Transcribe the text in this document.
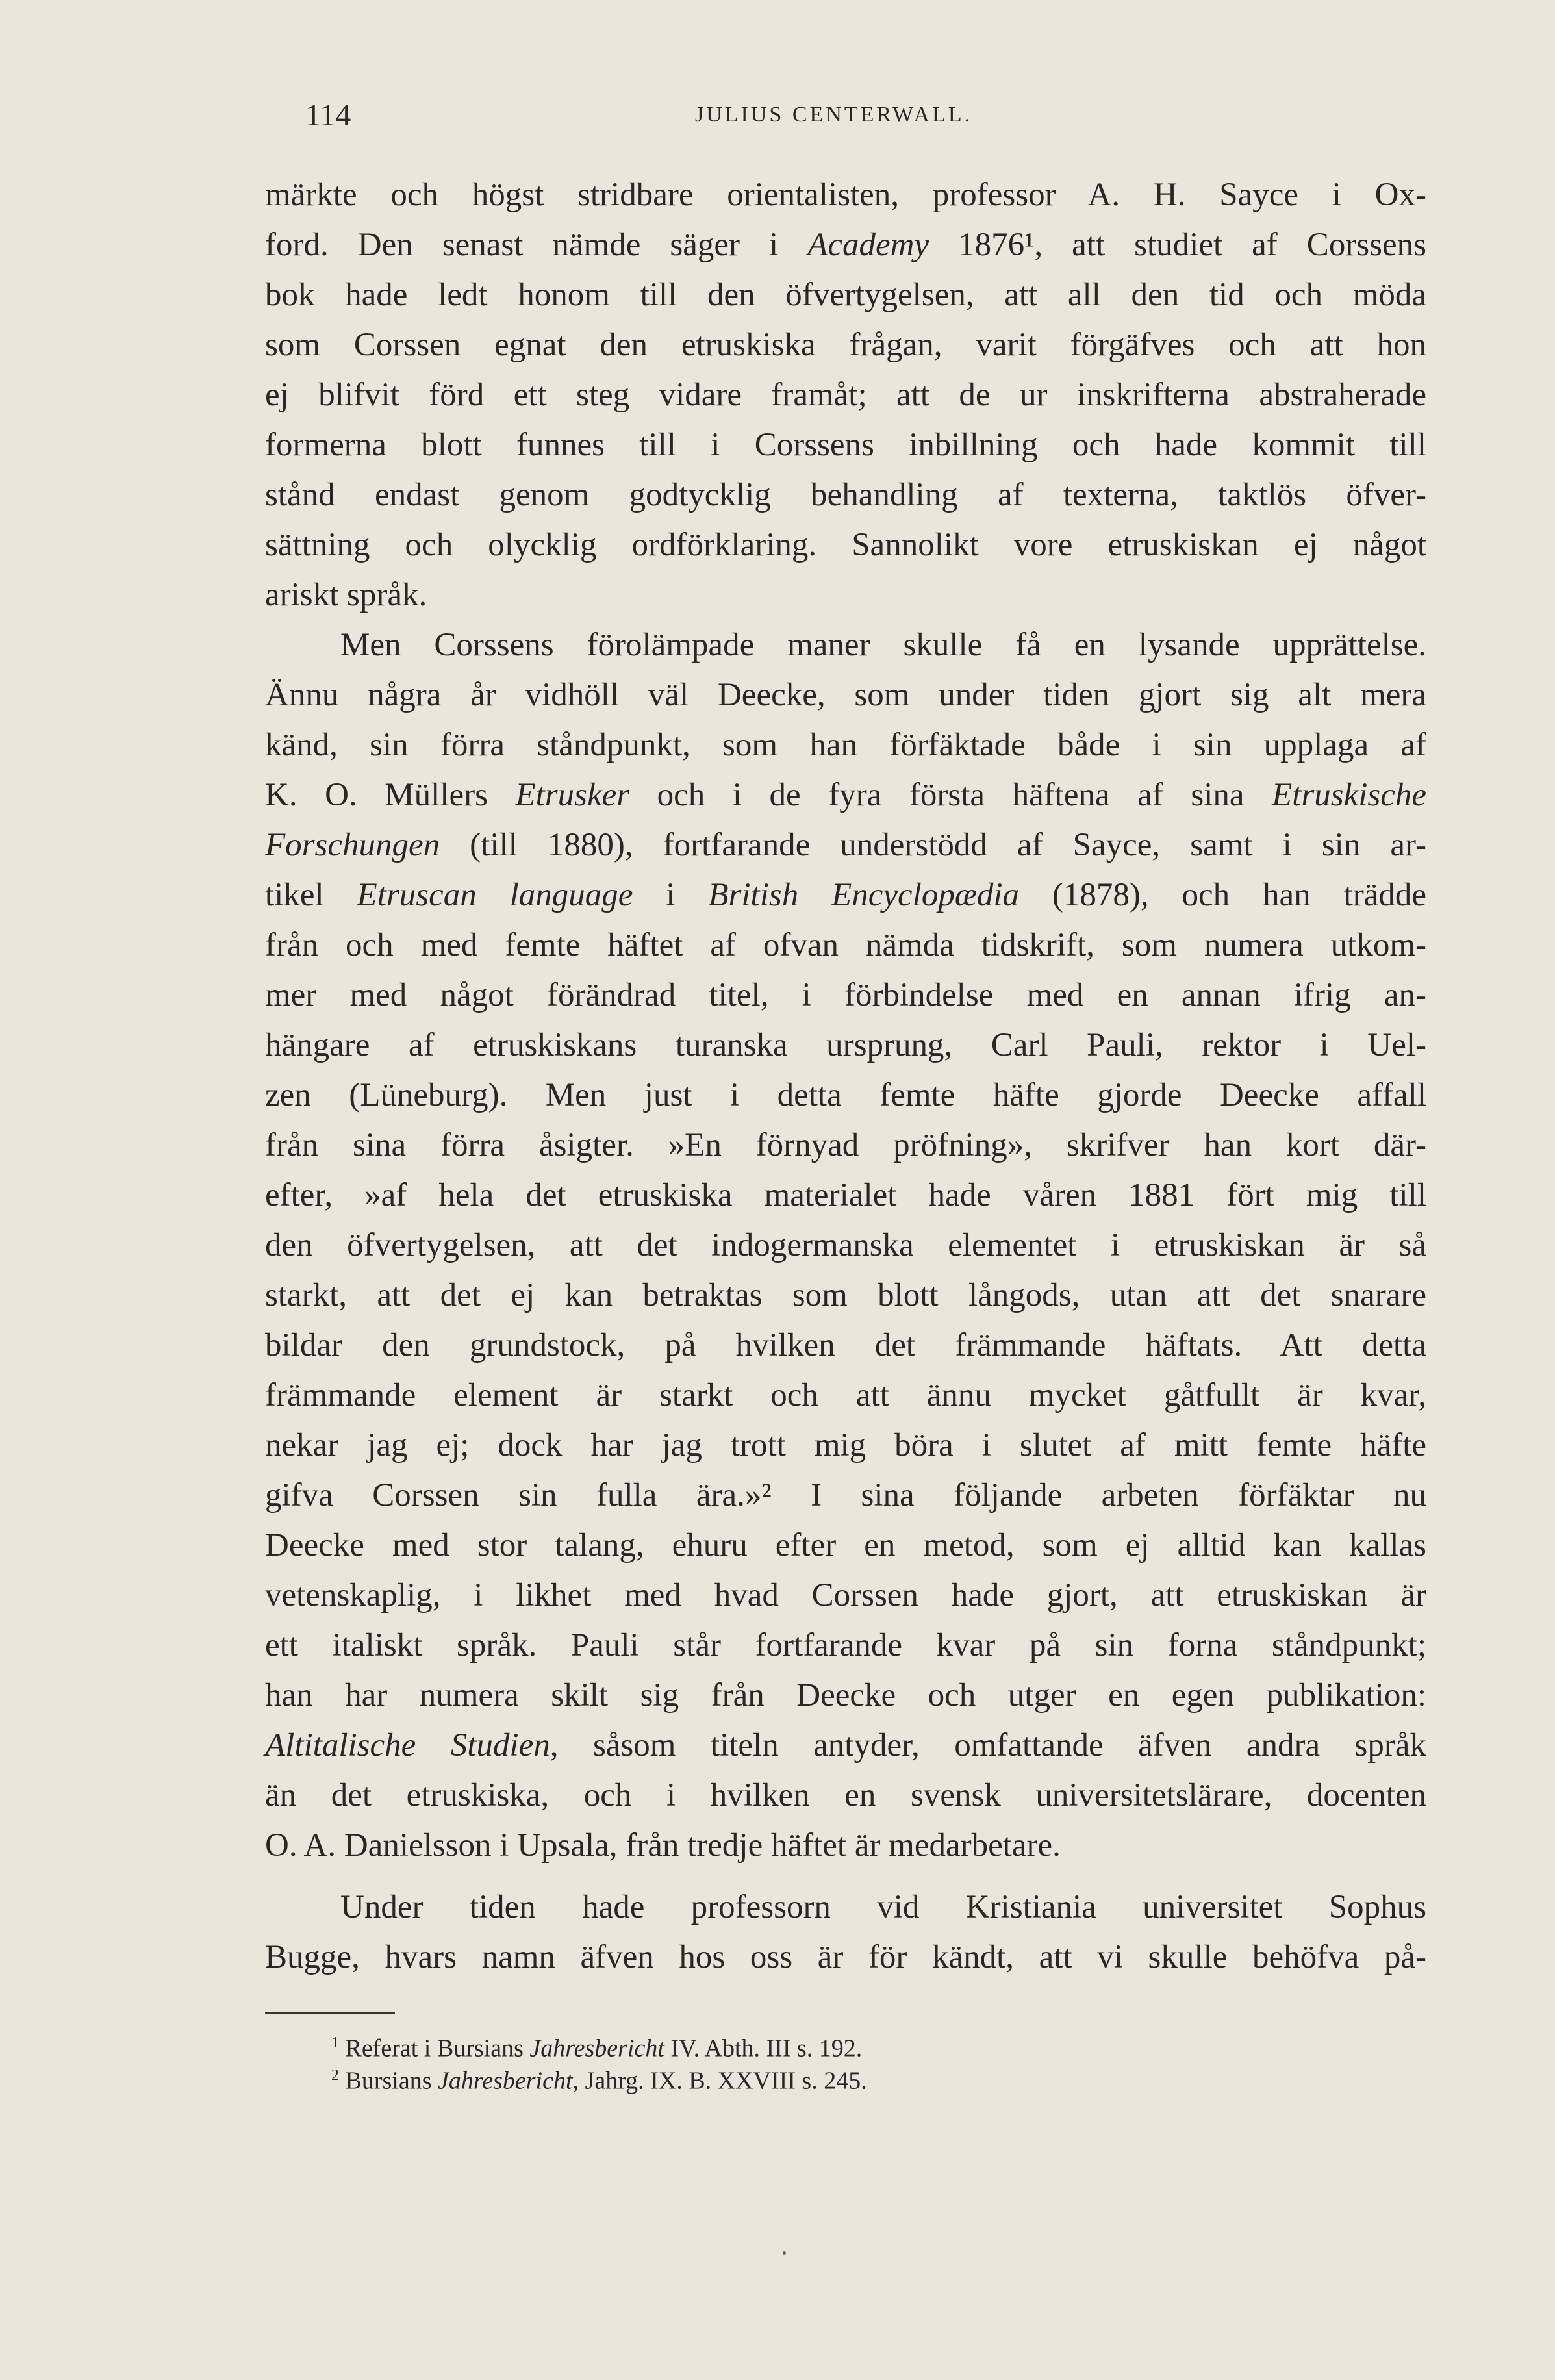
114	JULIUS CENTERWALL.
märkte och högst stridbare orientalisten, professor A. H. Sayce i Ox-
ford. Den senast nämde säger i Academy 1876¹, att studiet af Corssens
bok hade ledt honom till den öfvertygelsen, att all den tid och möda
som Corssen egnat den etruskiska frågan, varit förgäfves och att hon
ej blifvit förd ett steg vidare framåt; att de ur inskrifterna abstraherade
formerna blott funnes till i Corssens inbillning och hade kommit till
stånd endast genom godtycklig behandling af texterna, taktlös öfver-
sättning och olycklig ordförklaring. Sannolikt vore etruskiskan ej något
ariskt språk.
Men Corssens förolämpade maner skulle få en lysande upprättelse.
Ännu några år vidhöll väl Deecke, som under tiden gjort sig alt mera
känd, sin förra ståndpunkt, som han förfäktade både i sin upplaga af
K. O. Müllers Etrusker och i de fyra första häftena af sina Etruskische
Forschungen (till 1880), fortfarande understödd af Sayce, samt i sin ar-
tikel Etruscan language i British Encyclopædia (1878), och han trädde
från och med femte häftet af ofvan nämda tidskrift, som numera utkom-
mer med något förändrad titel, i förbindelse med en annan ifrig an-
hängare af etruskiskans turanska ursprung, Carl Pauli, rektor i Uel-
zen (Lüneburg). Men just i detta femte häfte gjorde Deecke affall
från sina förra åsigter. »En förnyad pröfning», skrifver han kort där-
efter, »af hela det etruskiska materialet hade våren 1881 fört mig till
den öfvertygelsen, att det indogermanska elementet i etruskiskan är så
starkt, att det ej kan betraktas som blott långods, utan att det snarare
bildar den grundstock, på hvilken det främmande häftats. Att detta
främmande element är starkt och att ännu mycket gåtfullt är kvar,
nekar jag ej; dock har jag trott mig böra i slutet af mitt femte häfte
gifva Corssen sin fulla ära.»² I sina följande arbeten förfäktar nu
Deecke med stor talang, ehuru efter en metod, som ej alltid kan kallas
vetenskaplig, i likhet med hvad Corssen hade gjort, att etruskiskan är
ett italiskt språk. Pauli står fortfarande kvar på sin forna ståndpunkt;
han har numera skilt sig från Deecke och utger en egen publikation:
Altitalische Studien, såsom titeln antyder, omfattande äfven andra språk
än det etruskiska, och i hvilken en svensk universitetslärare, docenten
O. A. Danielsson i Upsala, från tredje häftet är medarbetare.
Under tiden hade professorn vid Kristiania universitet Sophus
Bugge, hvars namn äfven hos oss är för kändt, att vi skulle behöfva på-
$^1$ Referat i Bursians Jahresbericht IV. Abth. III s. 192.
$^2$ Bursians Jahresbericht, Jahrg. IX. B. XXVIII s. 245.
